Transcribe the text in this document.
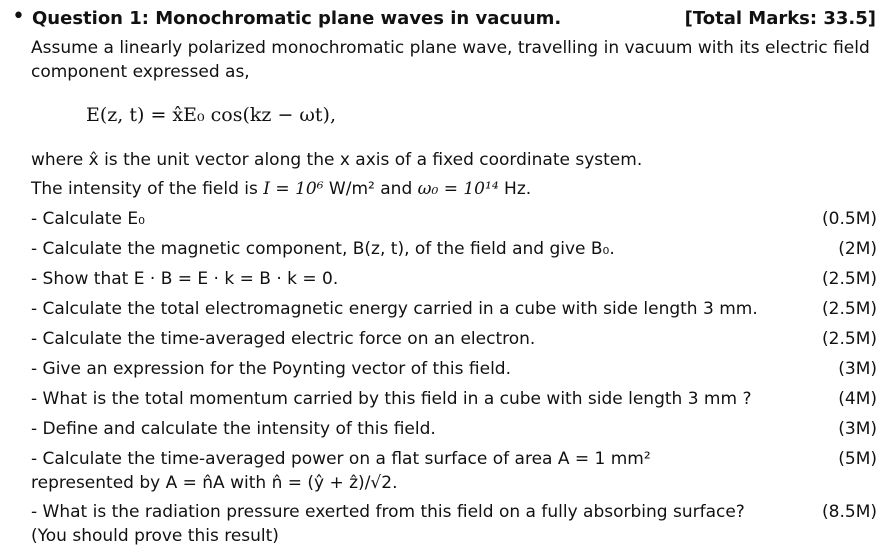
• Question 1: Monochromatic plane waves in vacuum.	[Total Marks: 33.5]
Assume a linearly polarized monochromatic plane wave, travelling in vacuum with its electric field
component expressed as,
E(z, t) = x̂E₀ cos(kz − ωt),
where x̂ is the unit vector along the x axis of a fixed coordinate system.
The intensity of the field is I = 10⁶ W/m² and ω₀ = 10¹⁴ Hz.
- Calculate E₀	(0.5M)
- Calculate the magnetic component, B(z, t), of the field and give B₀.	(2M)
- Show that E · B = E · k = B · k = 0.	(2.5M)
- Calculate the total electromagnetic energy carried in a cube with side length 3 mm.	(2.5M)
- Calculate the time-averaged electric force on an electron.	(2.5M)
- Give an expression for the Poynting vector of this field.	(3M)
- What is the total momentum carried by this field in a cube with side length 3 mm ?	(4M)
- Define and calculate the intensity of this field.	(3M)
- Calculate the time-averaged power on a flat surface of area A = 1 mm²	(5M)
represented by A = n̂A with n̂ = (ŷ + ẑ)/√2.
- What is the radiation pressure exerted from this field on a fully absorbing surface?	(8.5M)
(You should prove this result)
